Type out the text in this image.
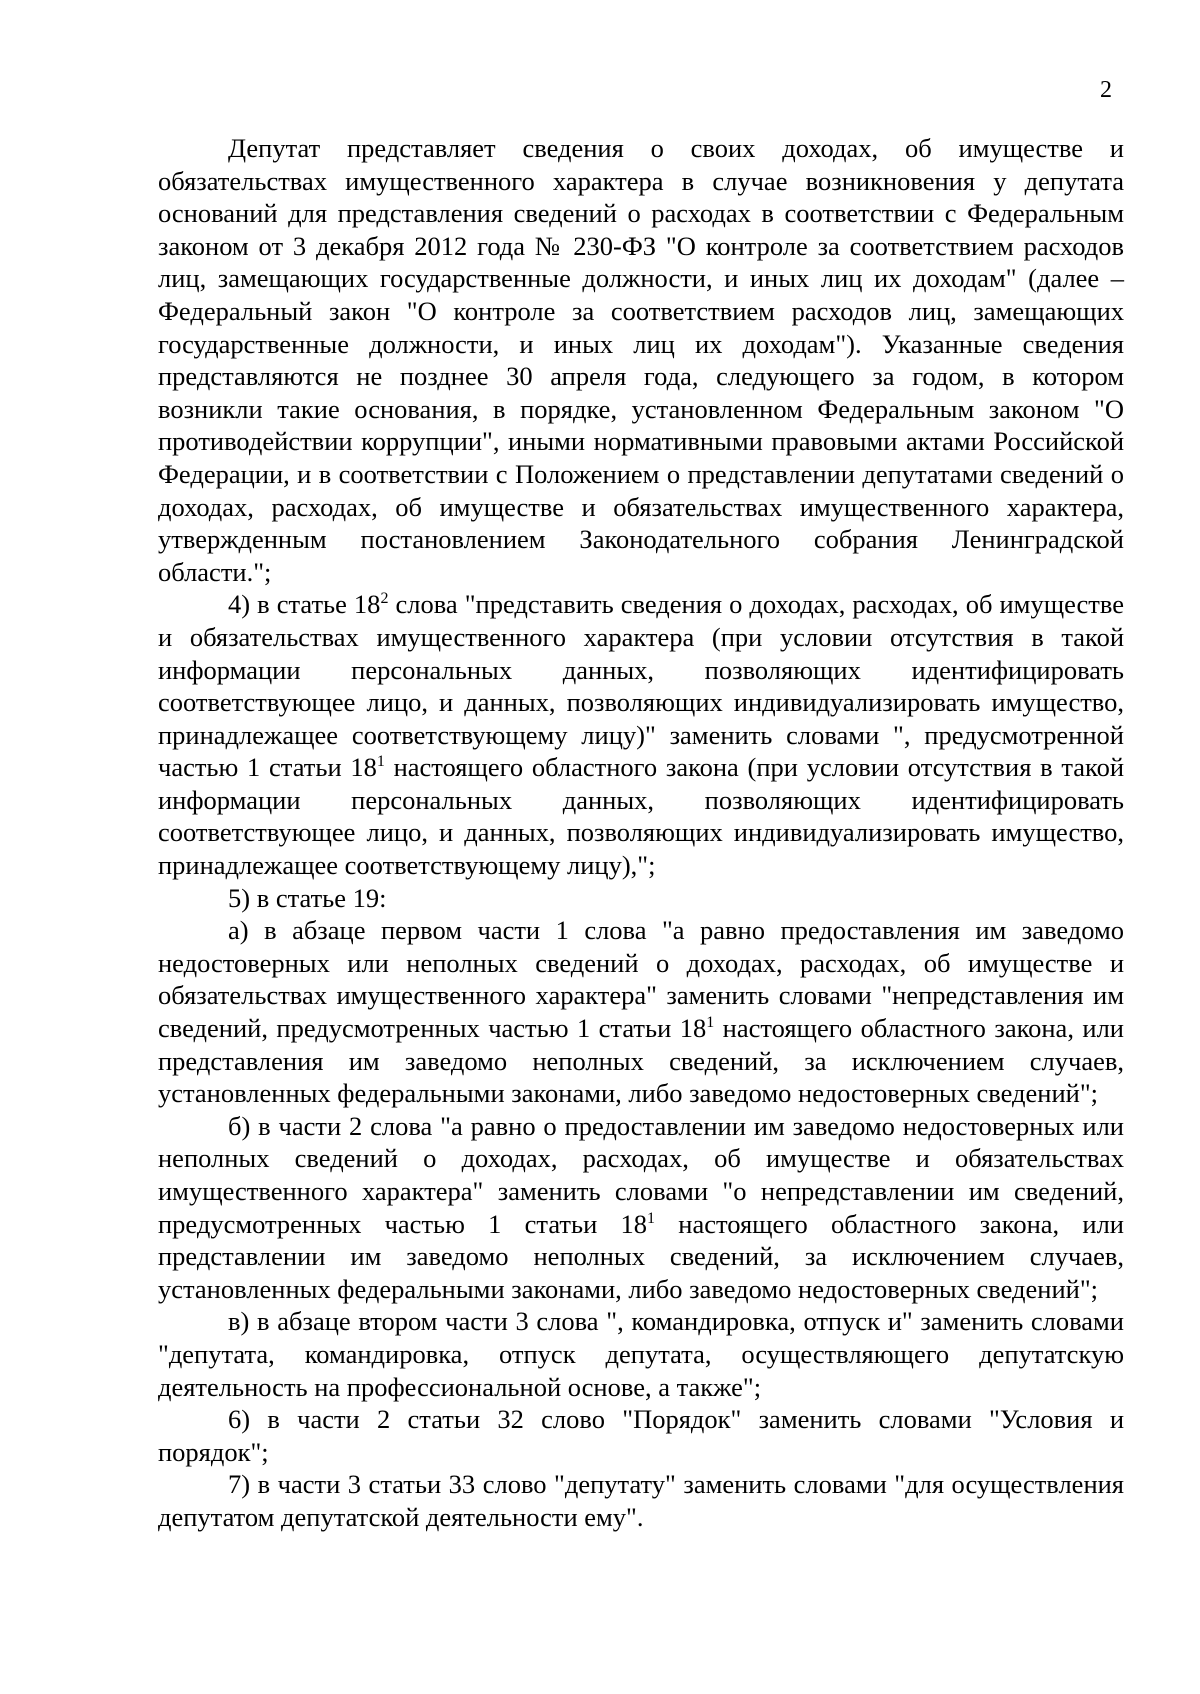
2

Депутат представляет сведения о своих доходах, об имуществе и обязательствах имущественного характера в случае возникновения у депутата оснований для представления сведений о расходах в соответствии с Федеральным законом от 3 декабря 2012 года № 230-ФЗ "О контроле за соответствием расходов лиц, замещающих государственные должности, и иных лиц их доходам" (далее – Федеральный закон "О контроле за соответствием расходов лиц, замещающих государственные должности, и иных лиц их доходам"). Указанные сведения представляются не позднее 30 апреля года, следующего за годом, в котором возникли такие основания, в порядке, установленном Федеральным законом "О противодействии коррупции", иными нормативными правовыми актами Российской Федерации, и в соответствии с Положением о представлении депутатами сведений о доходах, расходах, об имуществе и обязательствах имущественного характера, утвержденным постановлением Законодательного собрания Ленинградской области.";

4) в статье $18^2$ слова "представить сведения о доходах, расходах, об имуществе и обязательствах имущественного характера (при условии отсутствия в такой информации персональных данных, позволяющих идентифицировать соответствующее лицо, и данных, позволяющих индивидуализировать имущество, принадлежащее соответствующему лицу)" заменить словами ", предусмотренной частью 1 статьи $18^1$ настоящего областного закона (при условии отсутствия в такой информации персональных данных, позволяющих идентифицировать соответствующее лицо, и данных, позволяющих индивидуализировать имущество, принадлежащее соответствующему лицу),";

5) в статье 19:

а) в абзаце первом части 1 слова "а равно предоставления им заведомо недостоверных или неполных сведений о доходах, расходах, об имуществе и обязательствах имущественного характера" заменить словами "непредставления им сведений, предусмотренных частью 1 статьи $18^1$ настоящего областного закона, или представления им заведомо неполных сведений, за исключением случаев, установленных федеральными законами, либо заведомо недостоверных сведений";

б) в части 2 слова "а равно о предоставлении им заведомо недостоверных или неполных сведений о доходах, расходах, об имуществе и обязательствах имущественного характера" заменить словами "о непредставлении им сведений, предусмотренных частью 1 статьи $18^1$ настоящего областного закона, или представлении им заведомо неполных сведений, за исключением случаев, установленных федеральными законами, либо заведомо недостоверных сведений";

в) в абзаце втором части 3 слова ", командировка, отпуск и" заменить словами "депутата, командировка, отпуск депутата, осуществляющего депутатскую деятельность на профессиональной основе, а также";

6) в части 2 статьи 32 слово "Порядок" заменить словами "Условия и порядок";

7) в части 3 статьи 33 слово "депутату" заменить словами "для осуществления депутатом депутатской деятельности ему".
